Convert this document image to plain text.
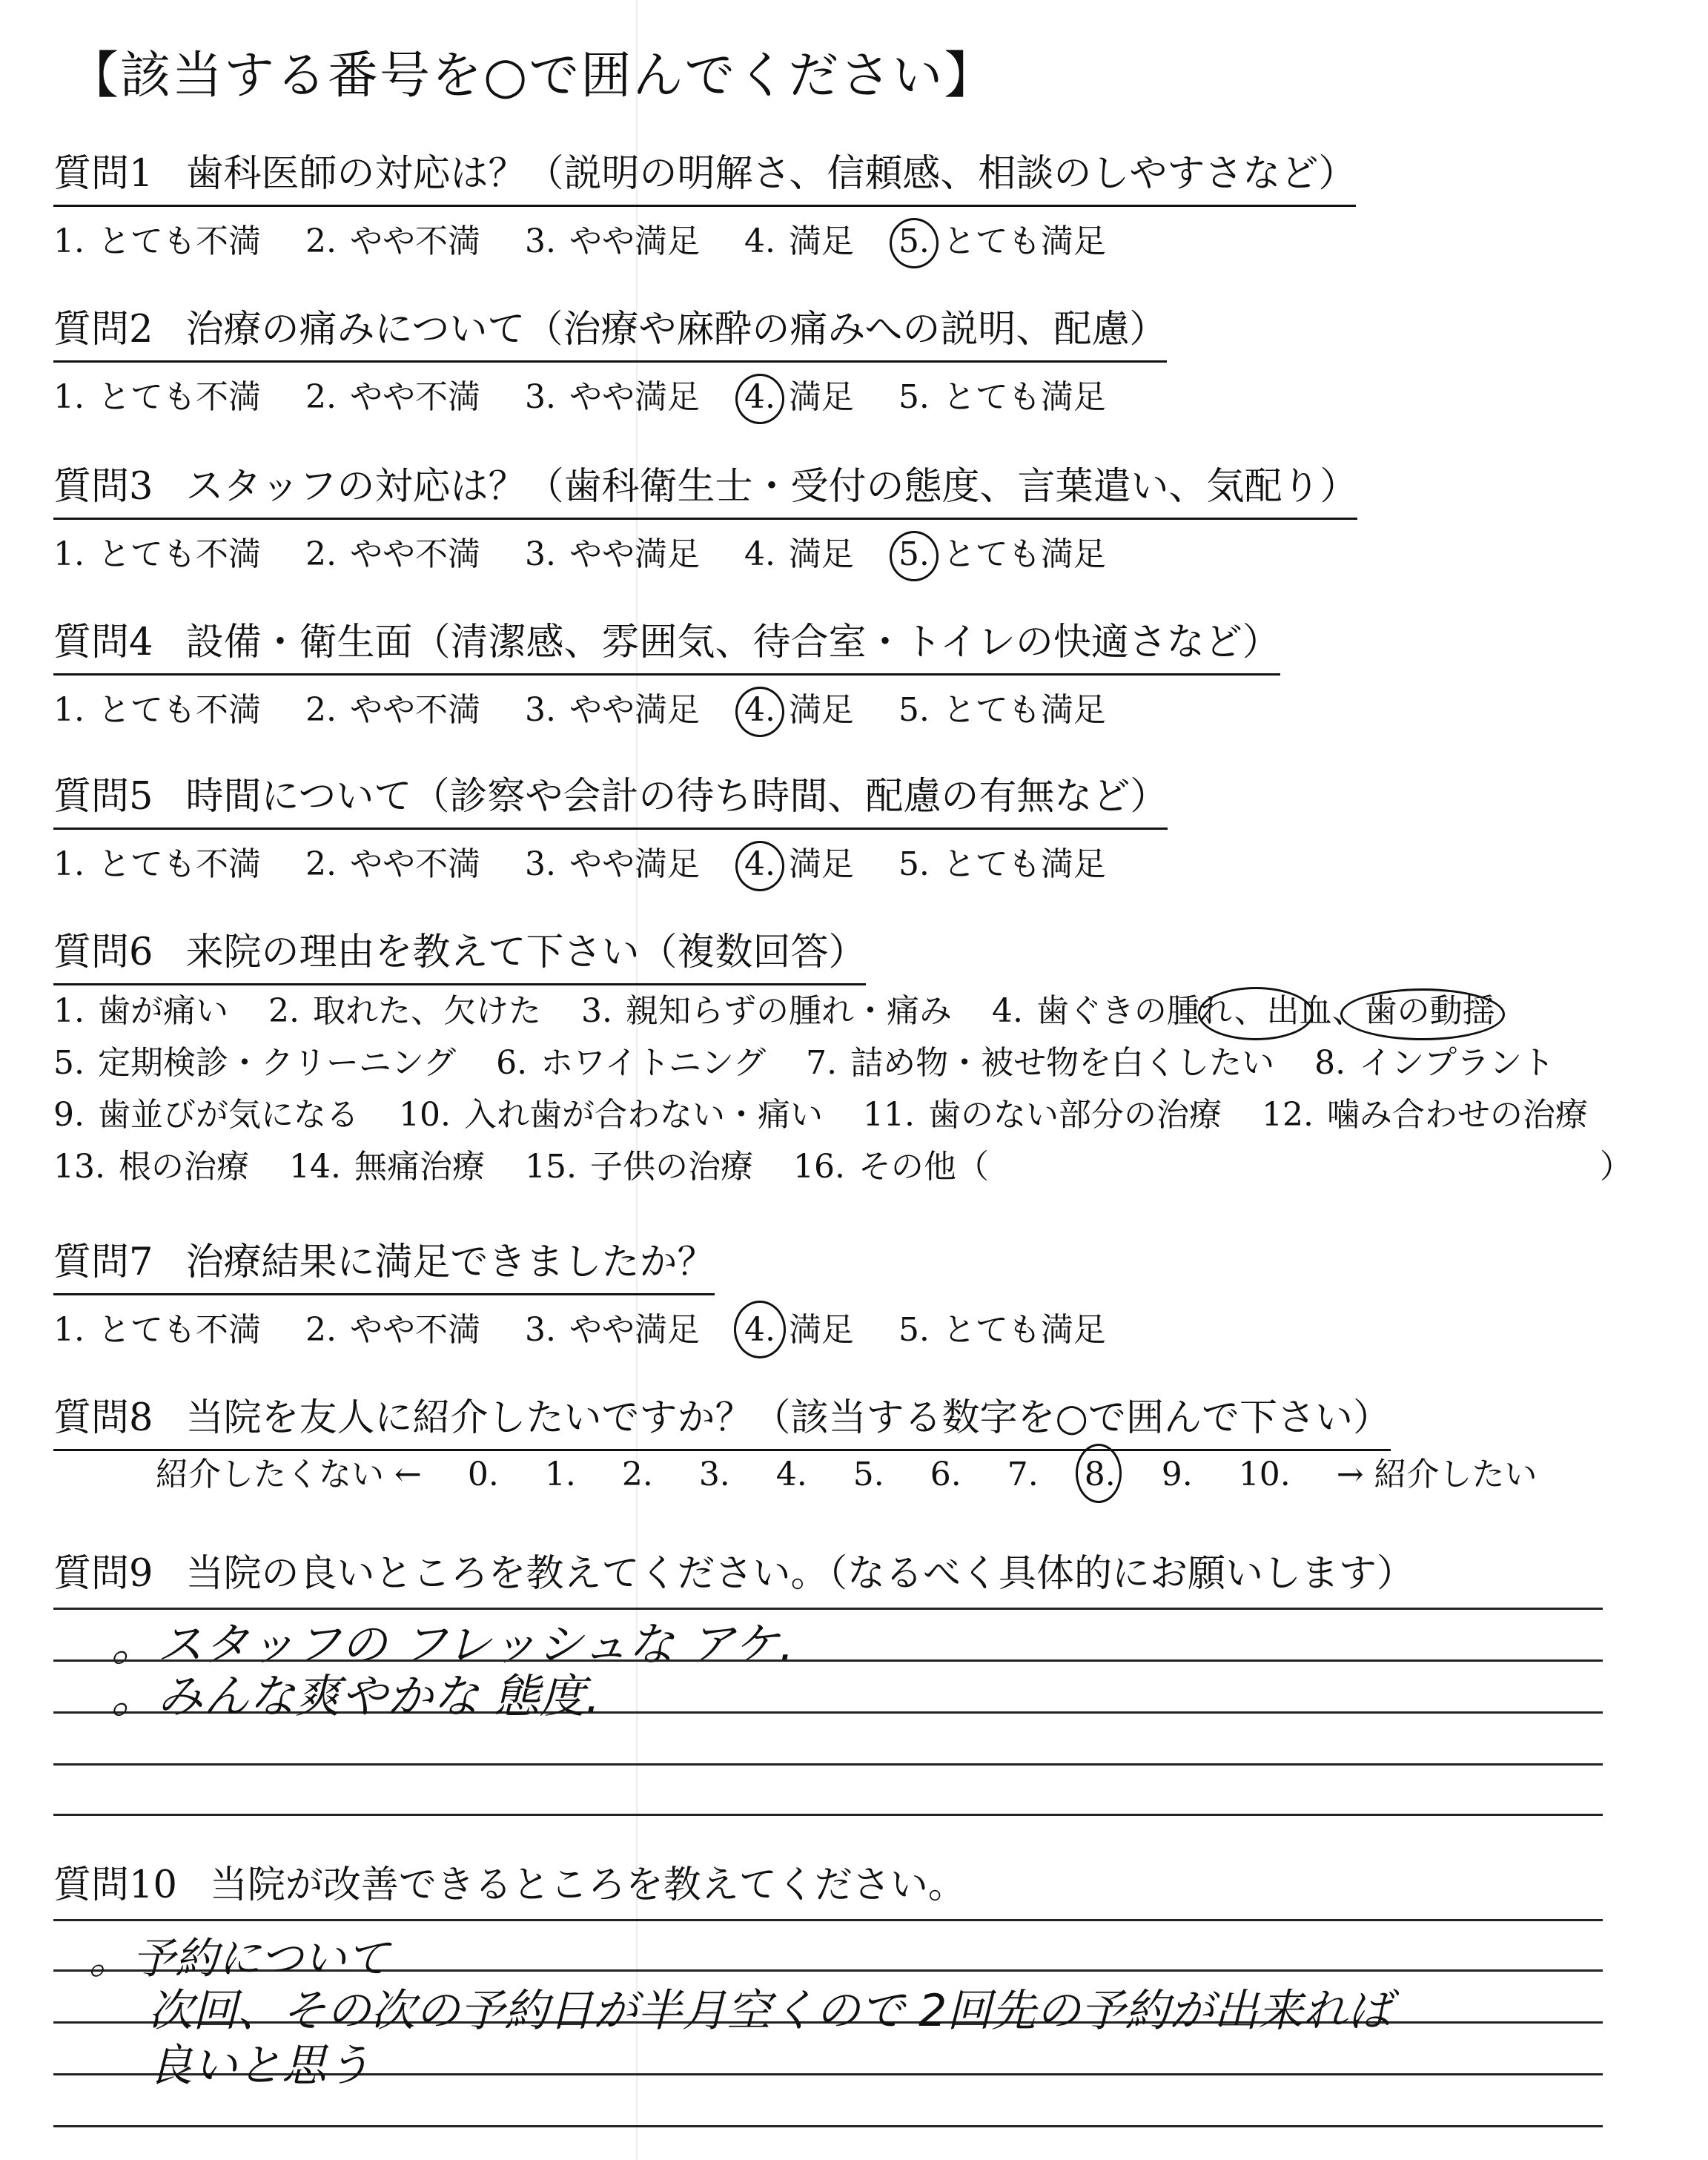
【該当する番号を○で囲んでください】
質問1 歯科医師の対応は？（説明の明解さ、信頼感、相談のしやすさなど）
1. とても不満 2. やや不満 3. やや満足 4. 満足 5. とても満足
質問2 治療の痛みについて（治療や麻酔の痛みへの説明、配慮）
1. とても不満 2. やや不満 3. やや満足 4. 満足 5. とても満足
質問3 スタッフの対応は？（歯科衛生士・受付の態度、言葉遣い、気配り）
1. とても不満 2. やや不満 3. やや満足 4. 満足 5. とても満足
質問4 設備・衛生面（清潔感、雰囲気、待合室・トイレの快適さなど）
1. とても不満 2. やや不満 3. やや満足 4. 満足 5. とても満足
質問5 時間について（診察や会計の待ち時間、配慮の有無など）
1. とても不満 2. やや不満 3. やや満足 4. 満足 5. とても満足
質問6 来院の理由を教えて下さい（複数回答）
1. 歯が痛い 2. 取れた、欠けた 3. 親知らずの腫れ・痛み 4. 歯ぐきの腫れ、出血、歯の動揺
5. 定期検診・クリーニング 6. ホワイトニング 7. 詰め物・被せ物を白くしたい 8. インプラント
9. 歯並びが気になる 10. 入れ歯が合わない・痛い 11. 歯のない部分の治療 12. 噛み合わせの治療
13. 根の治療 14. 無痛治療 15. 子供の治療 16. その他（	）
質問7 治療結果に満足できましたか？
1. とても不満 2. やや不満 3. やや満足 4. 満足 5. とても満足
質問8 当院を友人に紹介したいですか？（該当する数字を○で囲んで下さい）
紹介したくない ← 0. 1. 2. 3. 4. 5. 6. 7. 8. 9. 10. → 紹介したい
質問9 当院の良いところを教えてください。（なるべく具体的にお願いします）
。スタッフの フレッシュな アケ.
。みんな爽やかな 態度.
質問10 当院が改善できるところを教えてください。
。予約について
次回、その次の予約日が半月空くので 2回先の予約が出来れば
良いと思う
